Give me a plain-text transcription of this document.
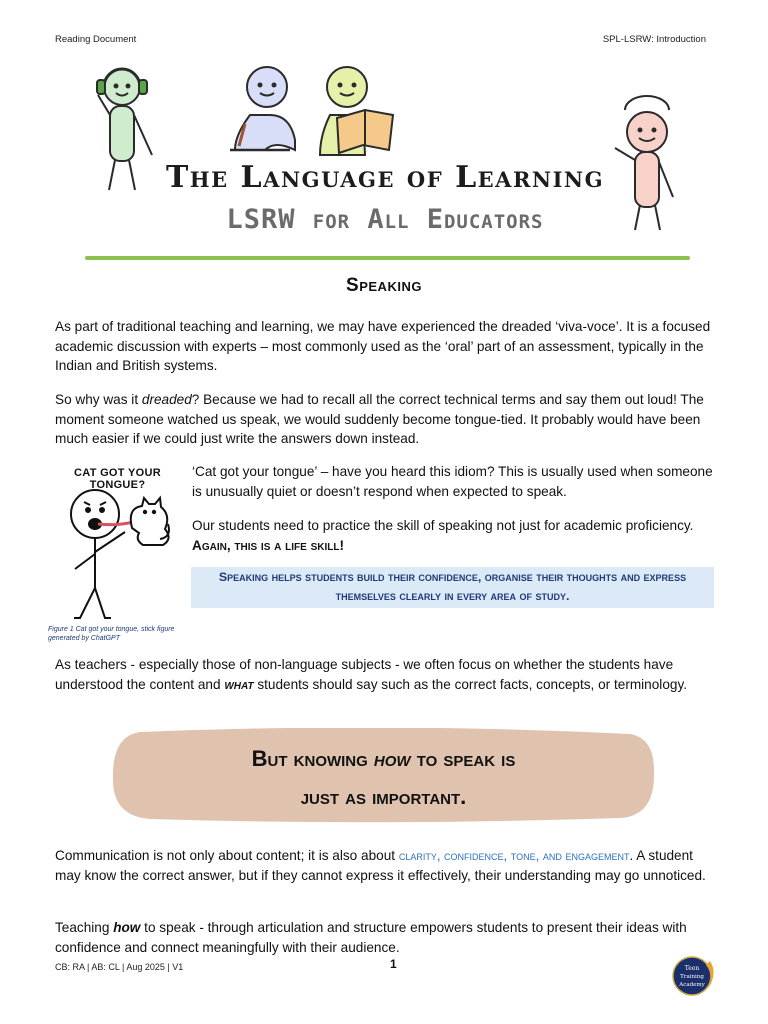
Reading Document	SPL-LSRW: Introduction
The Language of Learning
LSRW for All Educators
Speaking

As part of traditional teaching and learning, we may have experienced the dreaded ‘viva-voce’. It is a focused academic discussion with experts – most commonly used as the ‘oral’ part of an assessment, typically in the Indian and British systems.

So why was it dreaded? Because we had to recall all the correct technical terms and say them out loud! The moment someone watched us speak, we would suddenly become tongue-tied. It probably would have been much easier if we could just write the answers down instead.

CAT GOT YOUR TONGUE?
Figure 1 Cat got your tongue, stick figure generated by ChatGPT

‘Cat got your tongue’ – have you heard this idiom? This is usually used when someone is unusually quiet or doesn’t respond when expected to speak.

Our students need to practice the skill of speaking not just for academic proficiency. Again, this is a life skill!

Speaking helps students build their confidence, organise their thoughts and express themselves clearly in every area of study.

As teachers - especially those of non-language subjects - we often focus on whether the students have understood the content and what students should say such as the correct facts, concepts, or terminology.

But knowing how to speak is
just as important.

Communication is not only about content; it is also about clarity, confidence, tone, and engagement. A student may know the correct answer, but if they cannot express it effectively, their understanding may go unnoticed.

Teaching how to speak - through articulation and structure empowers students to present their ideas with confidence and connect meaningfully with their audience.

CB: RA | AB: CL | Aug 2025 | V1	1	Teen
Training
Academy
